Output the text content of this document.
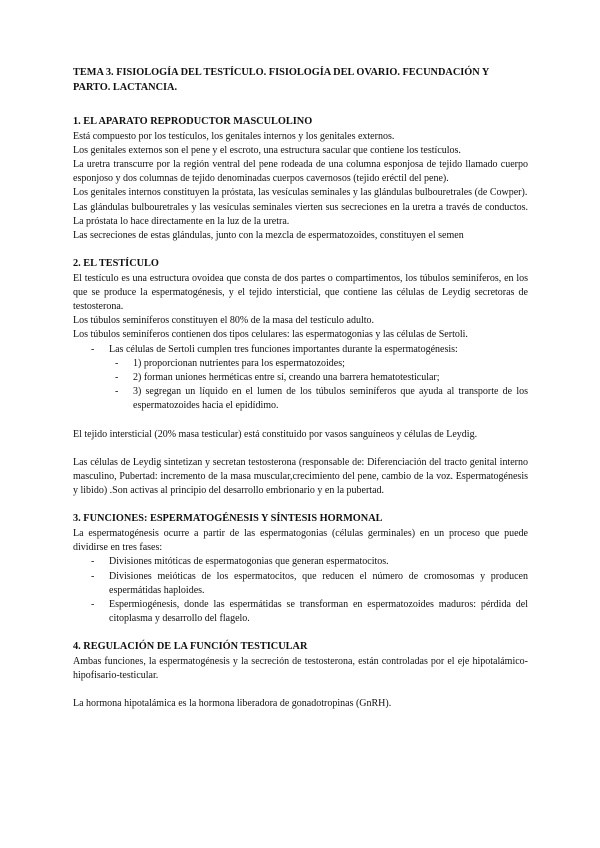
TEMA 3. FISIOLOGÍA DEL TESTÍCULO. FISIOLOGÍA DEL OVARIO. FECUNDACIÓN Y PARTO. LACTANCIA.

1. EL APARATO REPRODUCTOR MASCULOLINO

Está compuesto por los testículos, los genitales internos y los genitales externos.

Los genitales externos son el pene y el escroto, una estructura sacular que contiene los testículos.

La uretra transcurre por la región ventral del pene rodeada de una columna esponjosa de tejido llamado cuerpo esponjoso y dos columnas de tejido denominadas cuerpos cavernosos (tejido eréctil del pene).

Los genitales internos constituyen la próstata, las vesículas seminales y las glándulas bulbouretrales (de Cowper).

Las glándulas bulbouretrales y las vesículas seminales vierten sus secreciones en la uretra a través de conductos. La próstata lo hace directamente en la luz de la uretra.

Las secreciones de estas glándulas, junto con la mezcla de espermatozoides, constituyen el semen

2. EL TESTÍCULO

El testículo es una estructura ovoidea que consta de dos partes o compartimentos, los túbulos seminíferos, en los que se produce la espermatogénesis, y el tejido intersticial, que contiene las células de Leydig secretoras de testosterona.

Los túbulos seminíferos constituyen el 80% de la masa del testículo adulto.

Los túbulos seminíferos contienen dos tipos celulares: las espermatogonias y las células de Sertoli.

- Las células de Sertoli cumplen tres funciones importantes durante la espermatogénesis:
- 1) proporcionan nutrientes para los espermatozoides;
- 2) forman uniones herméticas entre sí, creando una barrera hematotesticular;
- 3) segregan un líquido en el lumen de los túbulos seminíferos que ayuda al transporte de los espermatozoides hacia el epidídimo.

El tejido intersticial (20% masa testicular) está constituido por vasos sanguíneos y células de Leydig.

Las células de Leydig sintetizan y secretan testosterona (responsable de: Diferenciación del tracto genital interno masculino, Pubertad: incremento de la masa muscular,crecimiento del pene, cambio de la voz. Espermatogénesis y libido) .Son activas al principio del desarrollo embrionario y en la pubertad.

3. FUNCIONES: ESPERMATOGÉNESIS Y SÍNTESIS HORMONAL

La espermatogénesis ocurre a partir de las espermatogonias (células germinales) en un proceso que puede dividirse en tres fases:

- Divisiones mitóticas de espermatogonias que generan espermatocitos.
- Divisiones meióticas de los espermatocitos, que reducen el número de cromosomas y producen espermátidas haploides.
- Espermiogénesis, donde las espermátidas se transforman en espermatozoides maduros: pérdida del citoplasma y desarrollo del flagelo.
4. REGULACIÓN DE LA FUNCIÓN TESTICULAR

Ambas funciones, la espermatogénesis y la secreción de testosterona, están controladas por el eje hipotalámico-hipofisario-testicular.

La hormona hipotalámica es la hormona liberadora de gonadotropinas (GnRH).
